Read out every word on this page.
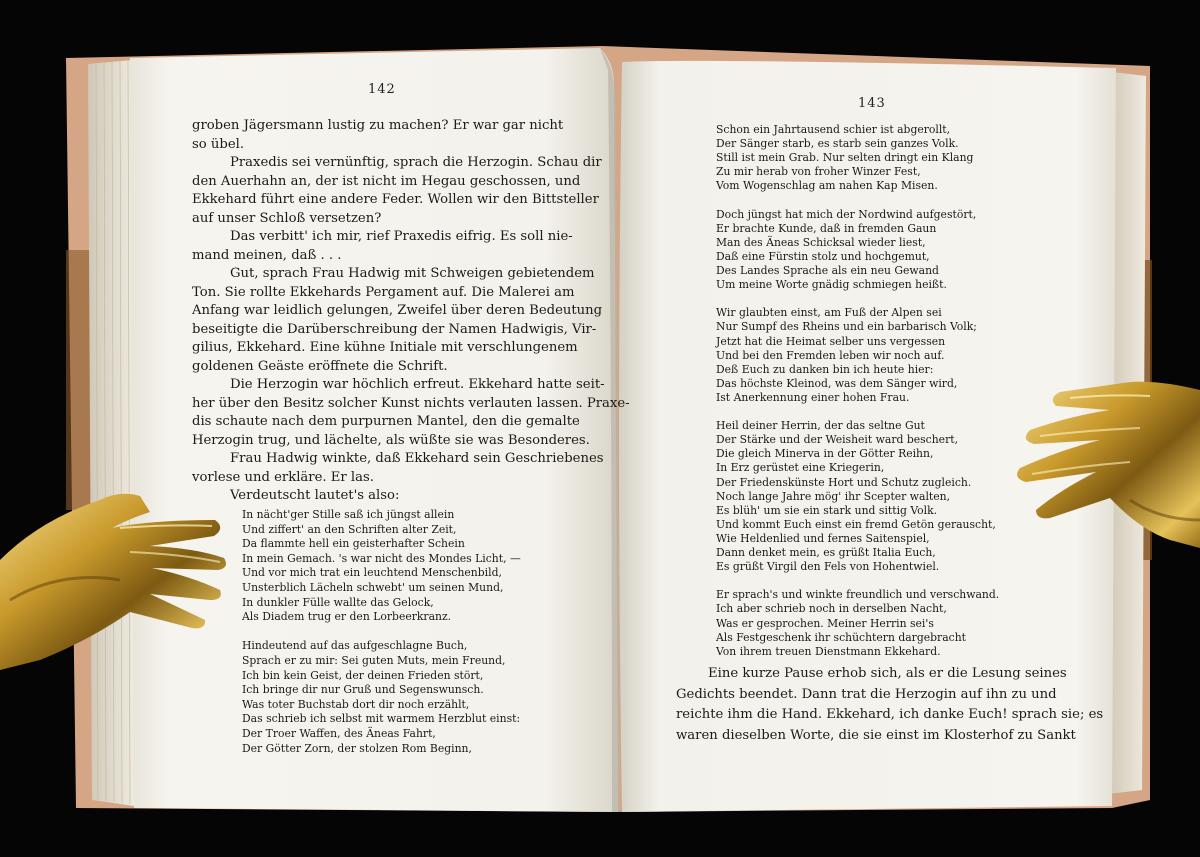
142
groben Jägersmann lustig zu machen? Er war gar nicht
so übel.
Praxedis sei vernünftig, sprach die Herzogin. Schau dir
den Auerhahn an, der ist nicht im Hegau geschossen, und
Ekkehard führt eine andere Feder. Wollen wir den Bittsteller
auf unser Schloß versetzen?
Das verbitt' ich mir, rief Praxedis eifrig. Es soll nie-
mand meinen, daß . . .
Gut, sprach Frau Hadwig mit Schweigen gebietendem
Ton. Sie rollte Ekkehards Pergament auf. Die Malerei am
Anfang war leidlich gelungen, Zweifel über deren Bedeutung
beseitigte die Darüberschreibung der Namen Hadwigis, Vir-
gilius, Ekkehard. Eine kühne Initiale mit verschlungenem
goldenen Geäste eröffnete die Schrift.
Die Herzogin war höchlich erfreut. Ekkehard hatte seit-
her über den Besitz solcher Kunst nichts verlauten lassen. Praxe-
dis schaute nach dem purpurnen Mantel, den die gemalte
Herzogin trug, und lächelte, als wüßte sie was Besonderes.
Frau Hadwig winkte, daß Ekkehard sein Geschriebenes
vorlese und erkläre. Er las.
Verdeutscht lautet's also:
In nächt'ger Stille saß ich jüngst allein
Und ziffert' an den Schriften alter Zeit,
Da flammte hell ein geisterhafter Schein
In mein Gemach. 's war nicht des Mondes Licht, —
Und vor mich trat ein leuchtend Menschenbild,
Unsterblich Lächeln schwebt' um seinen Mund,
In dunkler Fülle wallte das Gelock,
Als Diadem trug er den Lorbeerkranz.
Hindeutend auf das aufgeschlagne Buch,
Sprach er zu mir: Sei guten Muts, mein Freund,
Ich bin kein Geist, der deinen Frieden stört,
Ich bringe dir nur Gruß und Segenswunsch.
Was toter Buchstab dort dir noch erzählt,
Das schrieb ich selbst mit warmem Herzblut einst:
Der Troer Waffen, des Äneas Fahrt,
Der Götter Zorn, der stolzen Rom Beginn,
143
Schon ein Jahrtausend schier ist abgerollt,
Der Sänger starb, es starb sein ganzes Volk.
Still ist mein Grab. Nur selten dringt ein Klang
Zu mir herab von froher Winzer Fest,
Vom Wogenschlag am nahen Kap Misen.
Doch jüngst hat mich der Nordwind aufgestört,
Er brachte Kunde, daß in fremden Gaun
Man des Äneas Schicksal wieder liest,
Daß eine Fürstin stolz und hochgemut,
Des Landes Sprache als ein neu Gewand
Um meine Worte gnädig schmiegen heißt.
Wir glaubten einst, am Fuß der Alpen sei
Nur Sumpf des Rheins und ein barbarisch Volk;
Jetzt hat die Heimat selber uns vergessen
Und bei den Fremden leben wir noch auf.
Deß Euch zu danken bin ich heute hier:
Das höchste Kleinod, was dem Sänger wird,
Ist Anerkennung einer hohen Frau.
Heil deiner Herrin, der das seltne Gut
Der Stärke und der Weisheit ward beschert,
Die gleich Minerva in der Götter Reihn,
In Erz gerüstet eine Kriegerin,
Der Friedenskünste Hort und Schutz zugleich.
Noch lange Jahre mög' ihr Scepter walten,
Es blüh' um sie ein stark und sittig Volk.
Und kommt Euch einst ein fremd Getön gerauscht,
Wie Heldenlied und fernes Saitenspiel,
Dann denket mein, es grüßt Italia Euch,
Es grüßt Virgil den Fels von Hohentwiel.
Er sprach's und winkte freundlich und verschwand.
Ich aber schrieb noch in derselben Nacht,
Was er gesprochen. Meiner Herrin sei's
Als Festgeschenk ihr schüchtern dargebracht
Von ihrem treuen Dienstmann Ekkehard.
Eine kurze Pause erhob sich, als er die Lesung seines
Gedichts beendet. Dann trat die Herzogin auf ihn zu und
reichte ihm die Hand. Ekkehard, ich danke Euch! sprach sie; es
waren dieselben Worte, die sie einst im Klosterhof zu Sankt
